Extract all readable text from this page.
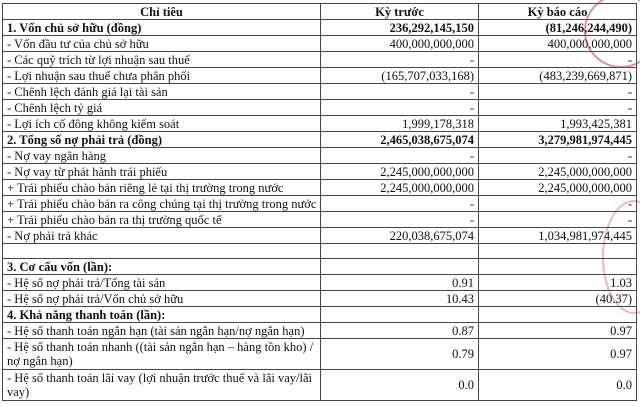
Chỉ tiêu	Kỳ trước	Kỳ báo cáo
1. Vốn chủ sở hữu (đồng)	236,292,145,150	(81,246,244,490)
- Vốn đầu tư của chủ sở hữu	400,000,000,000	400,000,000,000
- Các quỹ trích từ lợi nhuận sau thuế	-	-
- Lợi nhuận sau thuế chưa phân phối	(165,707,033,168)	(483,239,669,871)
- Chênh lệch đánh giá lại tài sản	-	-
- Chênh lệch tỷ giá	-	-
- Lợi ích cổ đông không kiểm soát	1,999,178,318	1,993,425,381
2. Tổng số nợ phải trả (đồng)	2,465,038,675,074	3,279,981,974,445
- Nợ vay ngân hàng	-	-
- Nợ vay từ phát hành trái phiếu	2,245,000,000,000	2,245,000,000,000
+ Trái phiếu chào bán riêng lẻ tại thị trường trong nước	2,245,000,000,000	2,245,000,000,000
+ Trái phiếu chào bán ra công chúng tại thị trường trong nước	-	-
+ Trái phiếu chào bán ra thị trường quốc tế	-	-
- Nợ phải trả khác	220,038,675,074	1,034,981,974,445

3. Cơ cấu vốn (lần):		
- Hệ số nợ phải trả/Tổng tài sản	0.91	1.03
- Hệ số nợ phải trả/Vốn chủ sở hữu	10.43	(40.37)
4. Khả năng thanh toán (lần):		
- Hệ số thanh toán ngắn hạn (tài sản ngắn hạn/nợ ngắn hạn)	0.87	0.97
- Hệ số thanh toán nhanh ((tài sản ngắn hạn – hàng tồn kho) / nợ ngắn hạn)	0.79	0.97
- Hệ số thanh toán lãi vay (lợi nhuận trước thuế và lãi vay/lãi vay)	0.0	0.0
